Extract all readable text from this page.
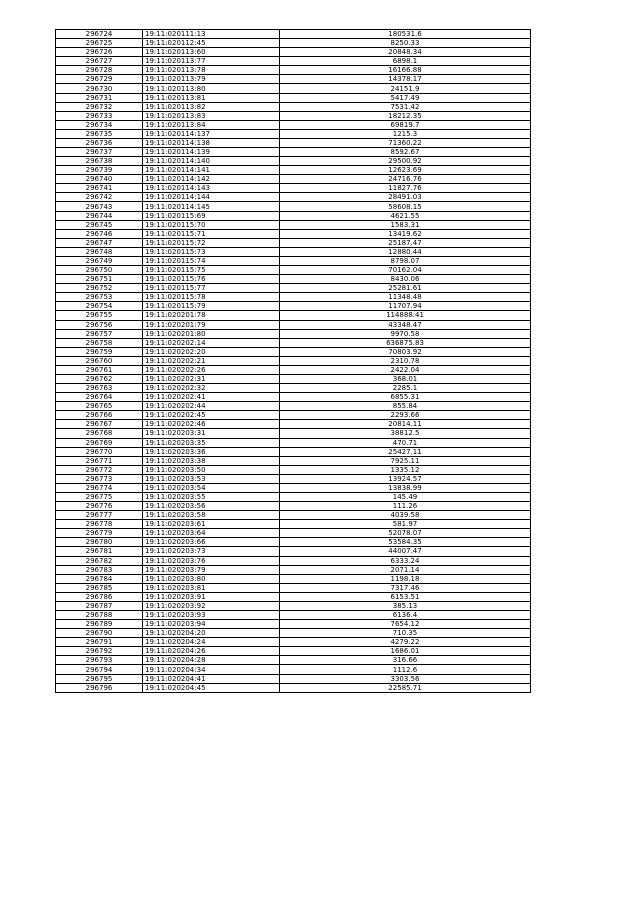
296724	19:11:020111:13	180531.6
296725	19:11:020112:45	8250.33
296726	19:11:020113:60	20848.34
296727	19:11:020113:77	6898.1
296728	19:11:020113:78	16166.88
296729	19:11:020113:79	14378.17
296730	19:11:020113:80	24151.9
296731	19:11:020113:81	5417.49
296732	19:11:020113:82	7531.42
296733	19:11:020113:83	18212.35
296734	19:11:020113:84	69819.7
296735	19:11:020114:137	1215.3
296736	19:11:020114:138	71360.22
296737	19:11:020114:139	8592.67
296738	19:11:020114:140	29500.92
296739	19:11:020114:141	12623.69
296740	19:11:020114:142	24716.76
296741	19:11:020114:143	11827.76
296742	19:11:020114:144	28491.03
296743	19:11:020114:145	58608.15
296744	19:11:020115:69	4621.55
296745	19:11:020115:70	1583.31
296746	19:11:020115:71	13419.62
296747	19:11:020115:72	25187.47
296748	19:11:020115:73	12880.44
296749	19:11:020115:74	8798.07
296750	19:11:020115:75	70162.04
296751	19:11:020115:76	8430.06
296752	19:11:020115:77	25281.61
296753	19:11:020115:78	11348.48
296754	19:11:020115:79	11707.94
296755	19:11:020201:78	114888.41
296756	19:11:020201:79	43348.47
296757	19:11:020201:80	9970.58
296758	19:11:020202:14	636875.83
296759	19:11:020202:20	70803.92
296760	19:11:020202:21	2310.78
296761	19:11:020202:26	2422.04
296762	19:11:020202:31	368.01
296763	19:11:020202:32	2285.1
296764	19:11:020202:41	6855.31
296765	19:11:020202:44	855.84
296766	19:11:020202:45	2293.66
296767	19:11:020202:46	20814.11
296768	19:11:020203:31	38812.5
296769	19:11:020203:35	470.71
296770	19:11:020203:36	25427.11
296771	19:11:020203:38	7925.11
296772	19:11:020203:50	1335.12
296773	19:11:020203:53	13924.57
296774	19:11:020203:54	13838.99
296775	19:11:020203:55	145.49
296776	19:11:020203:56	111.26
296777	19:11:020203:58	4039.58
296778	19:11:020203:61	581.97
296779	19:11:020203:64	52078.07
296780	19:11:020203:66	53584.35
296781	19:11:020203:73	44007.47
296782	19:11:020203:76	6333.24
296783	19:11:020203:79	2071.14
296784	19:11:020203:80	1198.18
296785	19:11:020203:81	7317.46
296786	19:11:020203:91	6153.51
296787	19:11:020203:92	385.13
296788	19:11:020203:93	6136.4
296789	19:11:020203:94	7654.12
296790	19:11:020204:20	710.35
296791	19:11:020204:24	4279.22
296792	19:11:020204:26	1686.01
296793	19:11:020204:28	316.66
296794	19:11:020204:34	1112.6
296795	19:11:020204:41	3303.56
296796	19:11:020204:45	22585.71
